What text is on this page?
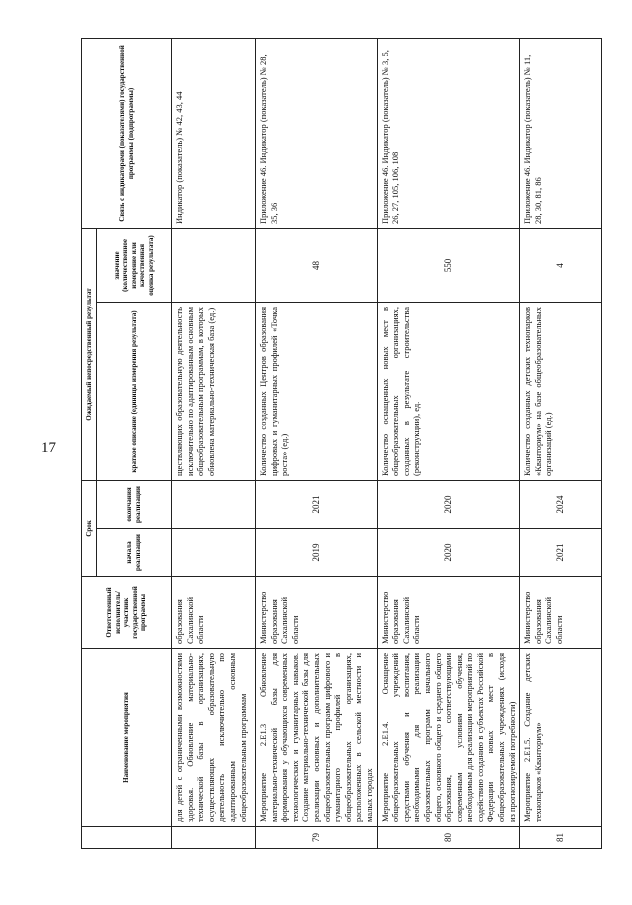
17
	Наименование мероприятия	Ответственный исполнитель/участник государственной программы	Срок		Ожидаемый непосредственный результат		Связь с индикаторами (показателями) государственной программы (подпрограммы)
			начала реализации	окончания реализации	краткое описание (единицы измерения результата)	значение (количественное измерение или качественная оценка результата)	
	для детей с ограниченными возможностями здоровья. Обновление материально-технической базы в организациях, осуществляющих образовательную деятельность исключительно по адаптированным основным общеобразовательным программам	образования Сахалинской области			ществляющих образовательную деятельность исключительно по адаптированным основным общеобразовательным программам, в которых обновлена материально-техническая база (ед.)		Индикатор (показатель) № 42, 43, 44
79	Мероприятие 2.Е1.3 Обновление материально-технической базы для формирования у обучающихся современных технологических и гуманитарных навыков. Создание материально-технической базы для реализации основных и дополнительных общеобразовательных программ цифрового и гуманитарного профилей в общеобразовательных организациях, расположенных в сельской местности и малых городах	Министерство образования Сахалинской области	2019	2021	Количество созданных Центров образования цифровых и гуманитарных профилей «Точка роста» (ед.)	48	Приложение 46. Индикатор (показатель) № 28, 35, 36
80	Мероприятие 2.Е1.4. Оснащение общеобразовательных учреждений средствами обучения и воспитания, необходимыми для реализации образовательных программ начального общего, основного общего и среднего общего образования, соответствующими современным условиям обучения, необходимым для реализации мероприятий по содействию созданию в субъектах Российской Федерации новых мест в общеобразовательных учреждениях (исходя из прогнозируемой потребности)	Министерство образования Сахалинской области	2020	2020	Количество оснащенных новых мест в общеобразовательных организациях, созданных в результате строительства (реконструкции), ед.	550	Приложение 46. Индикатор (показатель) № 3, 5, 26, 27, 105, 106, 108
81	Мероприятие 2.Е1.5. Создание детских технопарков «Кванториум»	Министерство образования Сахалинской области	2021	2024	Количество созданных детских технопарков «Кванториум» на базе общеобразовательных организаций (ед.)	4	Приложение 46. Индикатор (показатель) № 11, 28, 30, 81, 86
